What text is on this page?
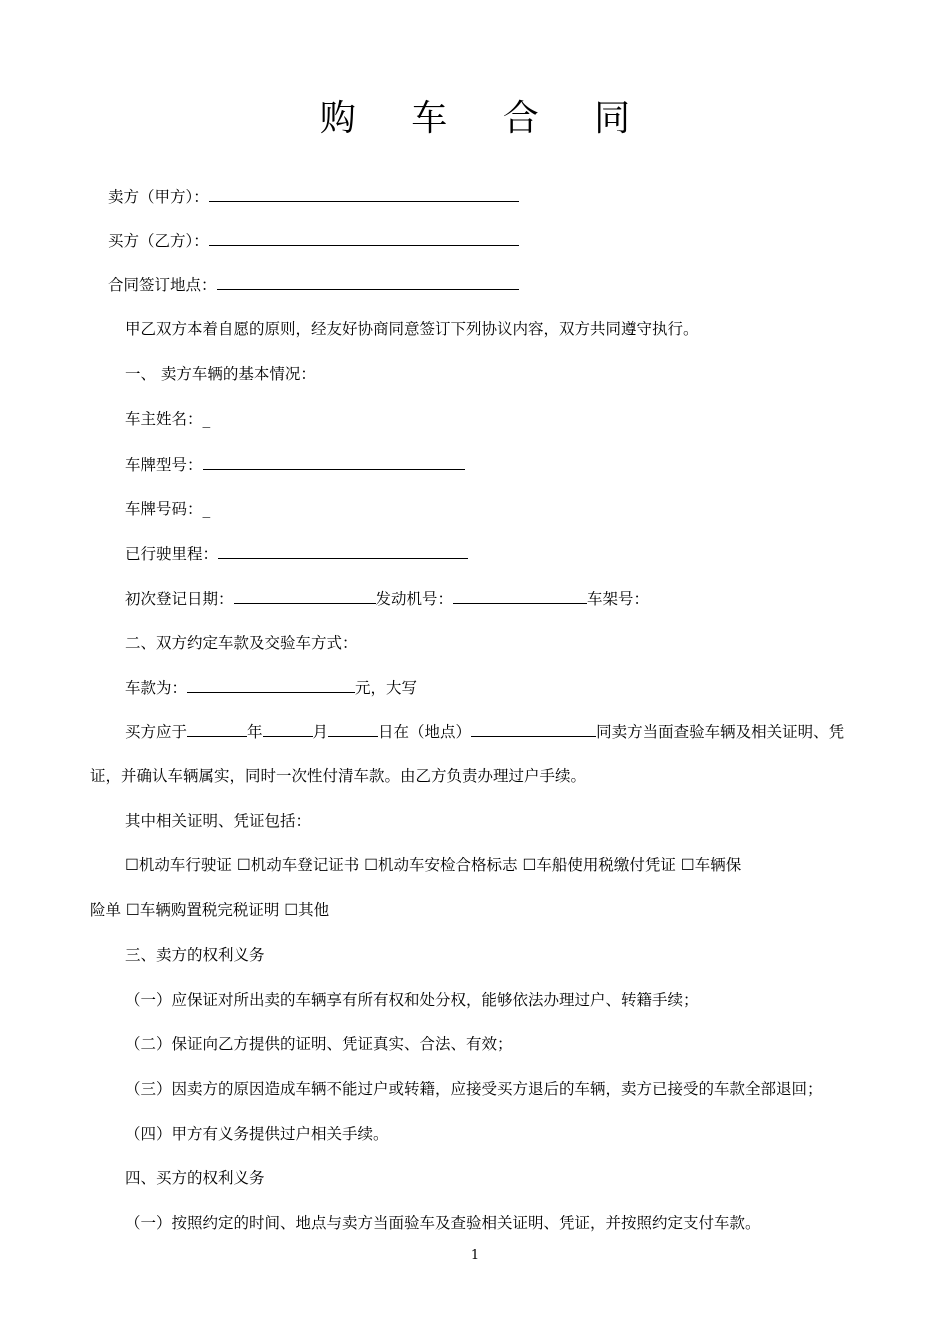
购 车 合 同
卖方（甲方）：
买方（乙方）：
合同签订地点：
甲乙双方本着自愿的原则，经友好协商同意签订下列协议内容，双方共同遵守执行。
一、 卖方车辆的基本情况：
车主姓名：_
车牌型号：
车牌号码：_
已行驶里程：
初次登记日期：	发动机号：	车架号：
二、双方约定车款及交验车方式：
车款为：	元，大写
买方应于	年	月	日在（地点）	同卖方当面查验车辆及相关证明、凭
证，并确认车辆属实，同时一次性付清车款。由乙方负责办理过户手续。
其中相关证明、凭证包括：
☐机动车行驶证 ☐机动车登记证书 ☐机动车安检合格标志 ☐车船使用税缴付凭证 ☐车辆保
险单 ☐车辆购置税完税证明 ☐其他
三、卖方的权利义务
（一）应保证对所出卖的车辆享有所有权和处分权，能够依法办理过户、转籍手续；
（二）保证向乙方提供的证明、凭证真实、合法、有效；
（三）因卖方的原因造成车辆不能过户或转籍，应接受买方退后的车辆，卖方已接受的车款全部退回；
（四）甲方有义务提供过户相关手续。
四、买方的权利义务
（一）按照约定的时间、地点与卖方当面验车及查验相关证明、凭证，并按照约定支付车款。
1
